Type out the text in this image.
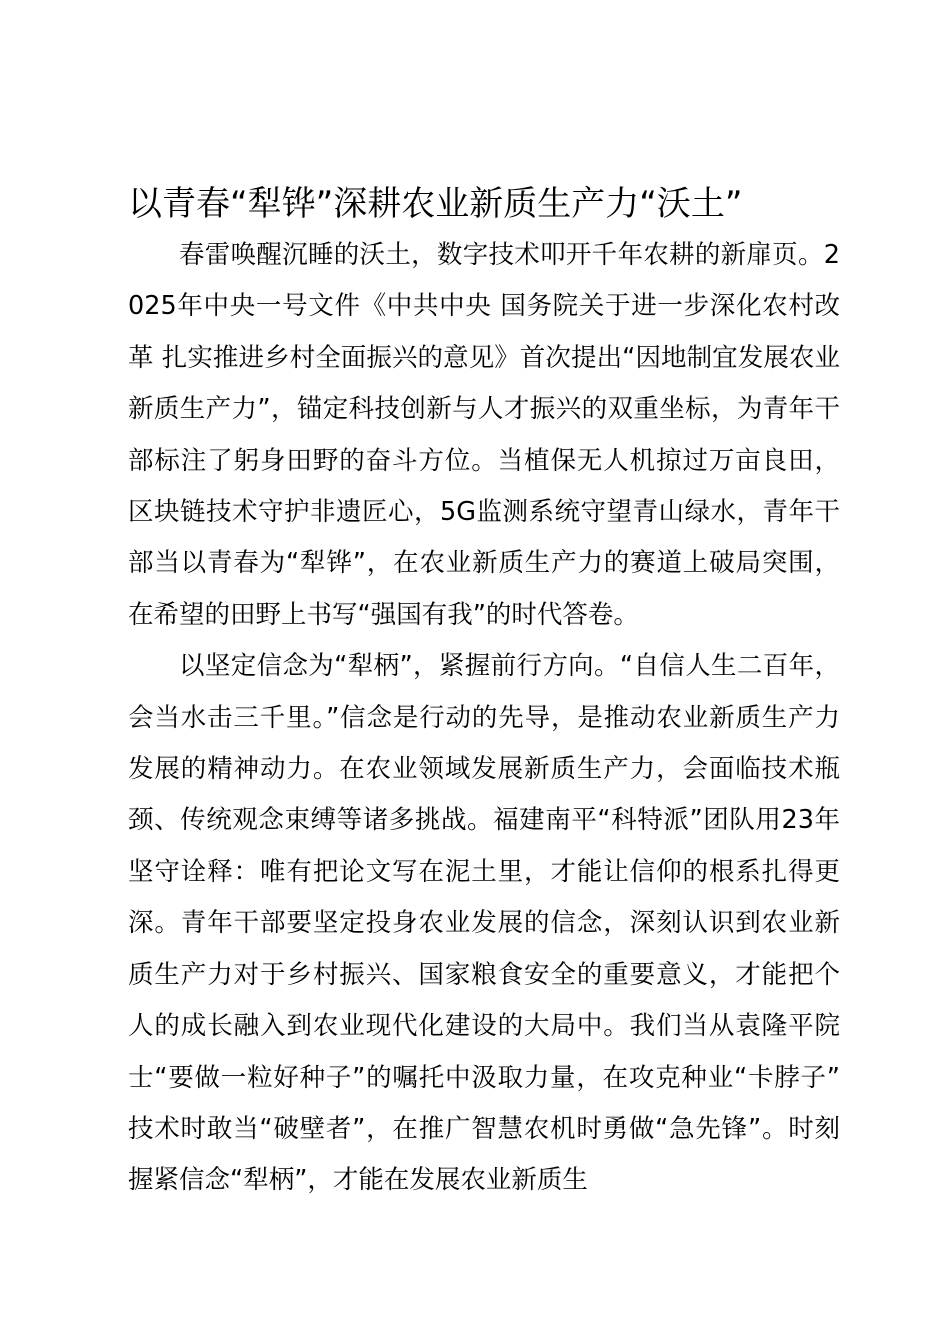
以青春“犁铧”深耕农业新质生产力“沃土”

春雷唤醒沉睡的沃土，数字技术叩开千年农耕的新扉页。2025年中央一号文件《中共中央 国务院关于进一步深化农村改革 扎实推进乡村全面振兴的意见》首次提出“因地制宜发展农业新质生产力”，锚定科技创新与人才振兴的双重坐标，为青年干部标注了躬身田野的奋斗方位。当植保无人机掠过万亩良田，区块链技术守护非遗匠心，5G监测系统守望青山绿水，青年干部当以青春为“犁铧”，在农业新质生产力的赛道上破局突围，在希望的田野上书写“强国有我”的时代答卷。

以坚定信念为“犁柄”，紧握前行方向。“自信人生二百年，会当水击三千里。”信念是行动的先导，是推动农业新质生产力发展的精神动力。在农业领域发展新质生产力，会面临技术瓶颈、传统观念束缚等诸多挑战。福建南平“科特派”团队用23年坚守诠释：唯有把论文写在泥土里，才能让信仰的根系扎得更深。青年干部要坚定投身农业发展的信念，深刻认识到农业新质生产力对于乡村振兴、国家粮食安全的重要意义，才能把个人的成长融入到农业现代化建设的大局中。我们当从袁隆平院士“要做一粒好种子”的嘱托中汲取力量，在攻克种业“卡脖子”技术时敢当“破壁者”，在推广智慧农机时勇做“急先锋”。时刻握紧信念“犁柄”，才能在发展农业新质生
